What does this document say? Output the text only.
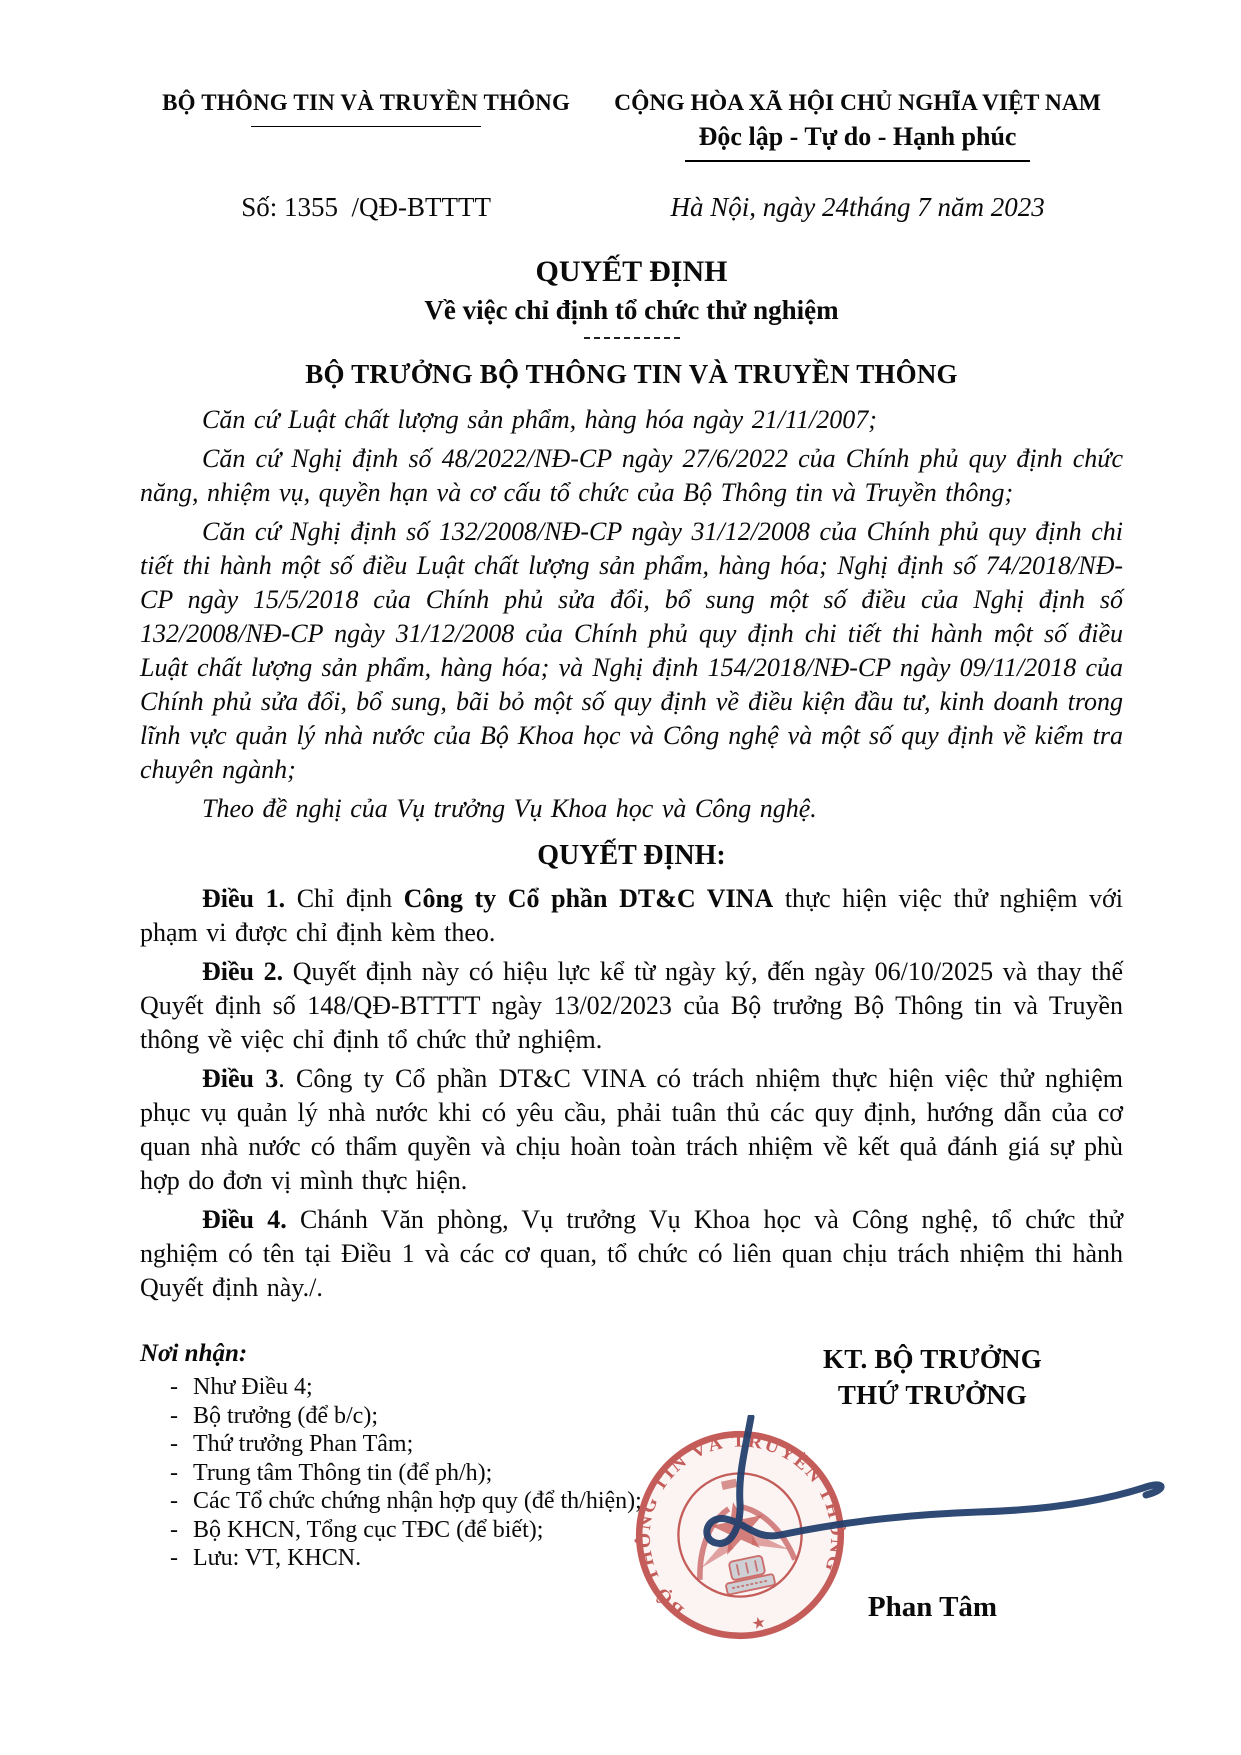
BỘ THÔNG TIN VÀ TRUYỀN THÔNG	CỘNG HÒA XÃ HỘI CHỦ NGHĨA VIỆT NAM
Độc lập - Tự do - Hạnh phúc
Số: 1355  /QĐ-BTTTT	Hà Nội, ngày 24tháng 7 năm 2023
QUYẾT ĐỊNH
Về việc chỉ định tổ chức thử nghiệm
BỘ TRƯỞNG BỘ THÔNG TIN VÀ TRUYỀN THÔNG

Căn cứ Luật chất lượng sản phẩm, hàng hóa ngày 21/11/2007;

Căn cứ Nghị định số 48/2022/NĐ-CP ngày 27/6/2022 của Chính phủ quy định chức năng, nhiệm vụ, quyền hạn và cơ cấu tổ chức của Bộ Thông tin và Truyền thông;

Căn cứ Nghị định số 132/2008/NĐ-CP ngày 31/12/2008 của Chính phủ quy định chi tiết thi hành một số điều Luật chất lượng sản phẩm, hàng hóa; Nghị định số 74/2018/NĐ-CP ngày 15/5/2018 của Chính phủ sửa đổi, bổ sung một số điều của Nghị định số 132/2008/NĐ-CP ngày 31/12/2008 của Chính phủ quy định chi tiết thi hành một số điều Luật chất lượng sản phẩm, hàng hóa; và Nghị định 154/2018/NĐ-CP ngày 09/11/2018 của Chính phủ sửa đổi, bổ sung, bãi bỏ một số quy định về điều kiện đầu tư, kinh doanh trong lĩnh vực quản lý nhà nước của Bộ Khoa học và Công nghệ và một số quy định về kiểm tra chuyên ngành;

Theo đề nghị của Vụ trưởng Vụ Khoa học và Công nghệ.

QUYẾT ĐỊNH:

Điều 1. Chỉ định Công ty Cổ phần DT&C VINA thực hiện việc thử nghiệm với phạm vi được chỉ định kèm theo.

Điều 2. Quyết định này có hiệu lực kể từ ngày ký, đến ngày 06/10/2025 và thay thế Quyết định số 148/QĐ-BTTTT ngày 13/02/2023 của Bộ trưởng Bộ Thông tin và Truyền thông về việc chỉ định tổ chức thử nghiệm.

Điều 3. Công ty Cổ phần DT&C VINA có trách nhiệm thực hiện việc thử nghiệm phục vụ quản lý nhà nước khi có yêu cầu, phải tuân thủ các quy định, hướng dẫn của cơ quan nhà nước có thẩm quyền và chịu hoàn toàn trách nhiệm về kết quả đánh giá sự phù hợp do đơn vị mình thực hiện.

Điều 4. Chánh Văn phòng, Vụ trưởng Vụ Khoa học và Công nghệ, tổ chức thử nghiệm có tên tại Điều 1 và các cơ quan, tổ chức có liên quan chịu trách nhiệm thi hành Quyết định này./.

Nơi nhận:
- Như Điều 4;
- Bộ trưởng (để b/c);
- Thứ trưởng Phan Tâm;
- Trung tâm Thông tin (để ph/h);
- Các Tổ chức chứng nhận hợp quy (để th/hiện);
- Bộ KHCN, Tổng cục TĐC (để biết);
- Lưu: VT, KHCN.
KT. BỘ TRƯỞNG
THỨ TRƯỞNG
BỘ THÔNG TIN VÀ TRUYỀN THÔNG
★
Phan Tâm
